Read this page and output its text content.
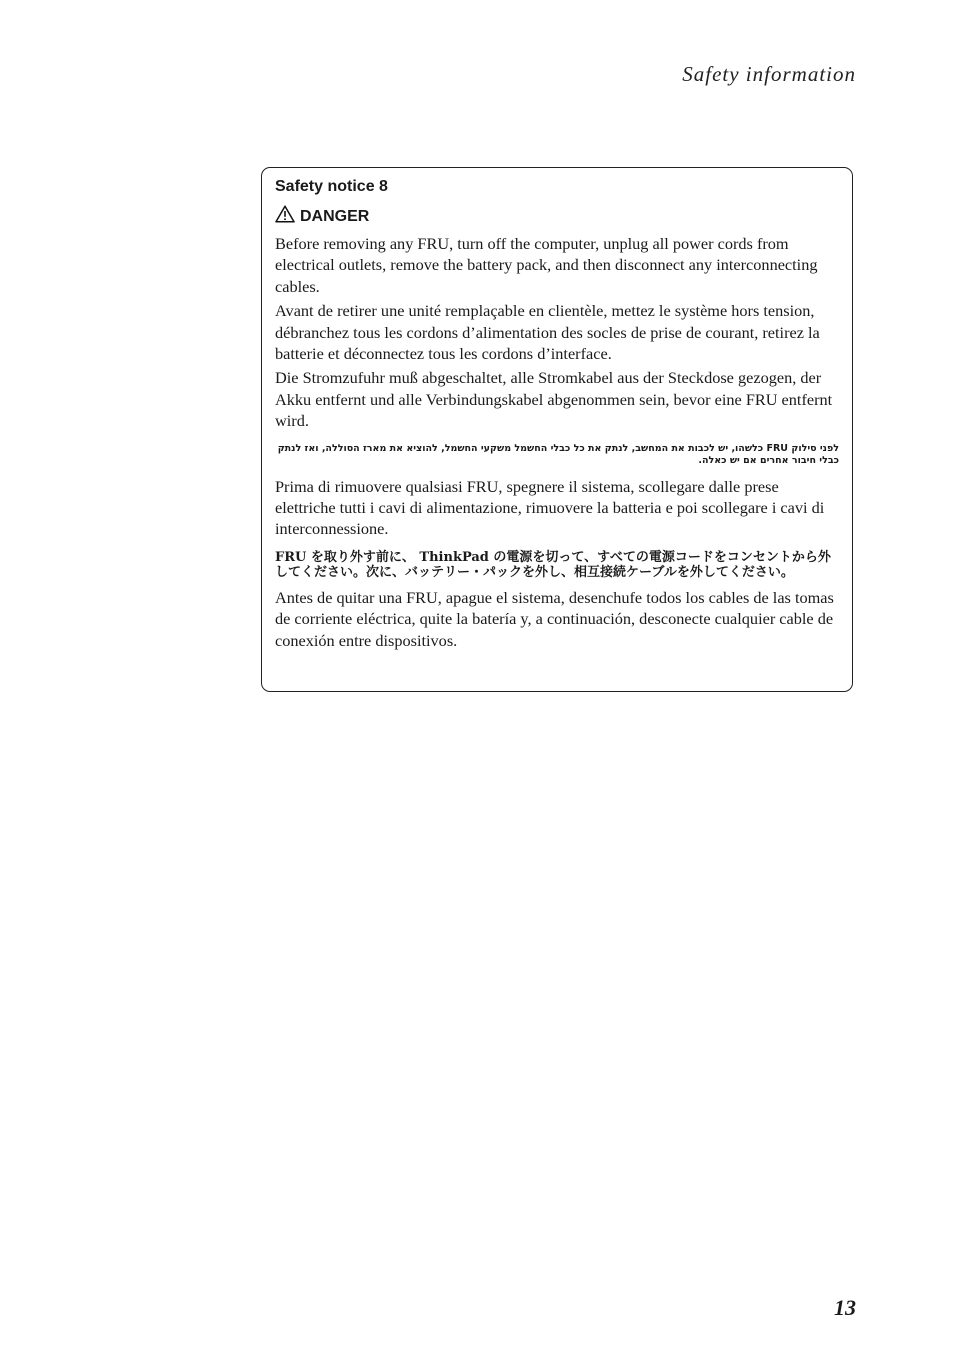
Safety information
Safety notice 8
DANGER

Before removing any FRU, turn off the computer, unplug all power cords from electrical outlets, remove the battery pack, and then disconnect any interconnecting cables.

Avant de retirer une unité remplaçable en clientèle, mettez le système hors tension, débranchez tous les cordons d’alimentation des socles de prise de courant, retirez la batterie et déconnectez tous les cordons d’interface.

Die Stromzufuhr muß abgeschaltet, alle Stromkabel aus der Steckdose gezogen, der Akku entfernt und alle Verbindungskabel abgenommen sein, bevor eine FRU entfernt wird.

לפני סילוק FRU כלשהו, יש לכבות את המחשב, לנתק את כל כבלי החשמל משקעי החשמל, להוציא את מארז הסוללה, ואז לנתק כבלי חיבור אחרים אם יש כאלה.

Prima di rimuovere qualsiasi FRU, spegnere il sistema, scollegare dalle prese elettriche tutti i cavi di alimentazione, rimuovere la batteria e poi scollegare i cavi di interconnessione.

FRU を取り外す前に、 ThinkPad の電源を切って、すべての電源コードをコンセントから外してください。次に、バッテリー・パックを外し、相互接続ケーブルを外してください。

Antes de quitar una FRU, apague el sistema, desenchufe todos los cables de las tomas de corriente eléctrica, quite la batería y, a continuación, desconecte cualquier cable de conexión entre dispositivos.

13
